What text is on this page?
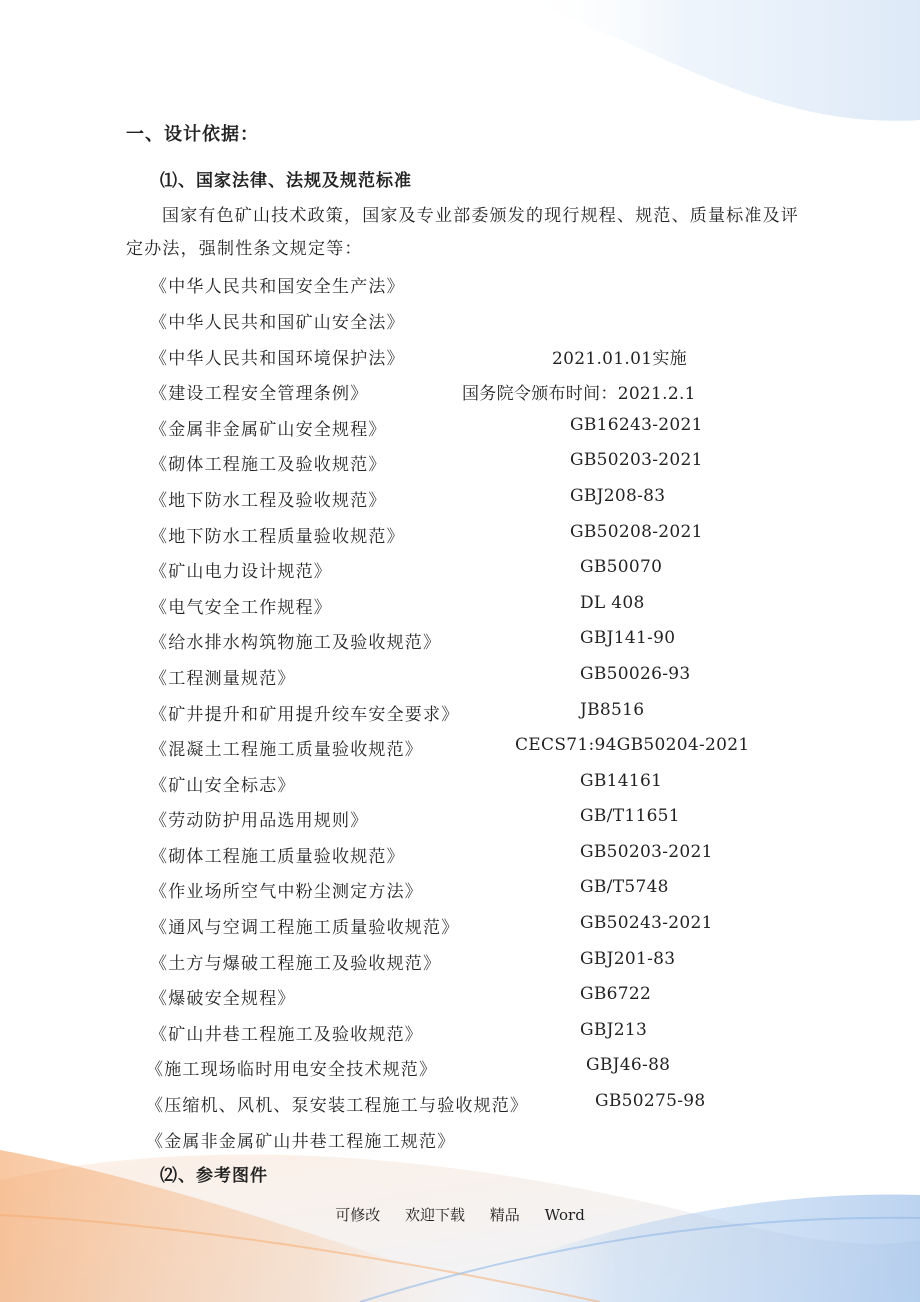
一、设计依据：
⑴、国家法律、法规及规范标准

国家有色矿山技术政策，国家及专业部委颁发的现行规程、规范、质量标准及评定办法，强制性条文规定等：

《中华人民共和国安全生产法》
《中华人民共和国矿山安全法》
《中华人民共和国环境保护法》	2021.01.01实施
《建设工程安全管理条例》	国务院令颁布时间：2021.2.1
《金属非金属矿山安全规程》	GB16243-2021
《砌体工程施工及验收规范》	GB50203-2021
《地下防水工程及验收规范》	GBJ208-83
《地下防水工程质量验收规范》	GB50208-2021
《矿山电力设计规范》	GB50070
《电气安全工作规程》	DL 408
《给水排水构筑物施工及验收规范》	GBJ141-90
《工程测量规范》	GB50026-93
《矿井提升和矿用提升绞车安全要求》	JB8516
《混凝土工程施工质量验收规范》	CECS71:94GB50204-2021
《矿山安全标志》	GB14161
《劳动防护用品选用规则》	GB/T11651
《砌体工程施工质量验收规范》	GB50203-2021
《作业场所空气中粉尘测定方法》	GB/T5748
《通风与空调工程施工质量验收规范》	GB50243-2021
《土方与爆破工程施工及验收规范》	GBJ201-83
《爆破安全规程》	GB6722
《矿山井巷工程施工及验收规范》	GBJ213
《施工现场临时用电安全技术规范》	GBJ46-88
《压缩机、风机、泵安装工程施工与验收规范》	GB50275-98
《金属非金属矿山井巷工程施工规范》
⑵、参考图件
可修改 欢迎下载 精品 Word
